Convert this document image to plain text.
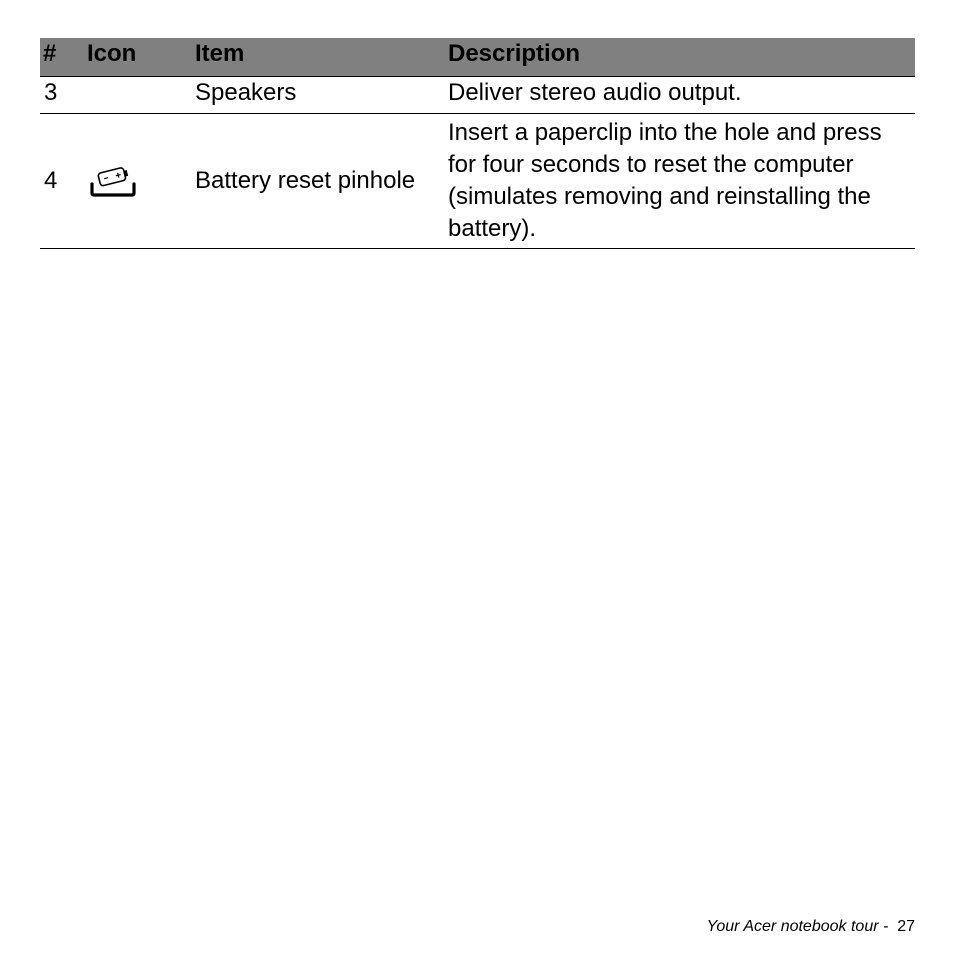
#	Icon	Item	Description
3		Speakers	Deliver stereo audio output.
4		Battery reset pinhole	Insert a paperclip into the hole and press for four seconds to reset the computer (simulates removing and reinstalling the battery).
Your Acer notebook tour - 27
